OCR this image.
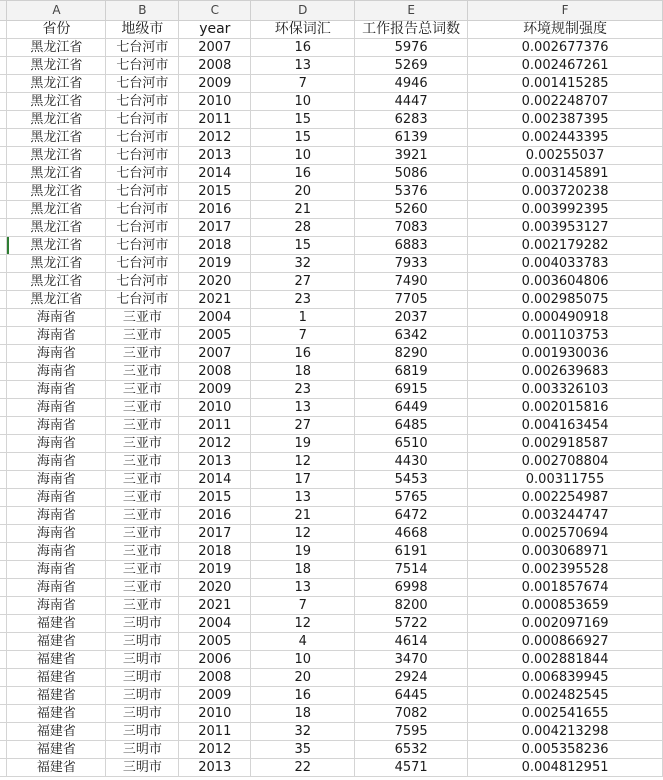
	A	B	C	D	E	F
	省份	地级市	year	环保词汇	工作报告总词数	环境规制强度
	黑龙江省	七台河市	2007	16	5976	0.002677376
	黑龙江省	七台河市	2008	13	5269	0.002467261
	黑龙江省	七台河市	2009	7	4946	0.001415285
	黑龙江省	七台河市	2010	10	4447	0.002248707
	黑龙江省	七台河市	2011	15	6283	0.002387395
	黑龙江省	七台河市	2012	15	6139	0.002443395
	黑龙江省	七台河市	2013	10	3921	0.00255037
	黑龙江省	七台河市	2014	16	5086	0.003145891
	黑龙江省	七台河市	2015	20	5376	0.003720238
	黑龙江省	七台河市	2016	21	5260	0.003992395
	黑龙江省	七台河市	2017	28	7083	0.003953127
	黑龙江省	七台河市	2018	15	6883	0.002179282
	黑龙江省	七台河市	2019	32	7933	0.004033783
	黑龙江省	七台河市	2020	27	7490	0.003604806
	黑龙江省	七台河市	2021	23	7705	0.002985075
	海南省	三亚市	2004	1	2037	0.000490918
	海南省	三亚市	2005	7	6342	0.001103753
	海南省	三亚市	2007	16	8290	0.001930036
	海南省	三亚市	2008	18	6819	0.002639683
	海南省	三亚市	2009	23	6915	0.003326103
	海南省	三亚市	2010	13	6449	0.002015816
	海南省	三亚市	2011	27	6485	0.004163454
	海南省	三亚市	2012	19	6510	0.002918587
	海南省	三亚市	2013	12	4430	0.002708804
	海南省	三亚市	2014	17	5453	0.00311755
	海南省	三亚市	2015	13	5765	0.002254987
	海南省	三亚市	2016	21	6472	0.003244747
	海南省	三亚市	2017	12	4668	0.002570694
	海南省	三亚市	2018	19	6191	0.003068971
	海南省	三亚市	2019	18	7514	0.002395528
	海南省	三亚市	2020	13	6998	0.001857674
	海南省	三亚市	2021	7	8200	0.000853659
	福建省	三明市	2004	12	5722	0.002097169
	福建省	三明市	2005	4	4614	0.000866927
	福建省	三明市	2006	10	3470	0.002881844
	福建省	三明市	2008	20	2924	0.006839945
	福建省	三明市	2009	16	6445	0.002482545
	福建省	三明市	2010	18	7082	0.002541655
	福建省	三明市	2011	32	7595	0.004213298
	福建省	三明市	2012	35	6532	0.005358236
	福建省	三明市	2013	22	4571	0.004812951
